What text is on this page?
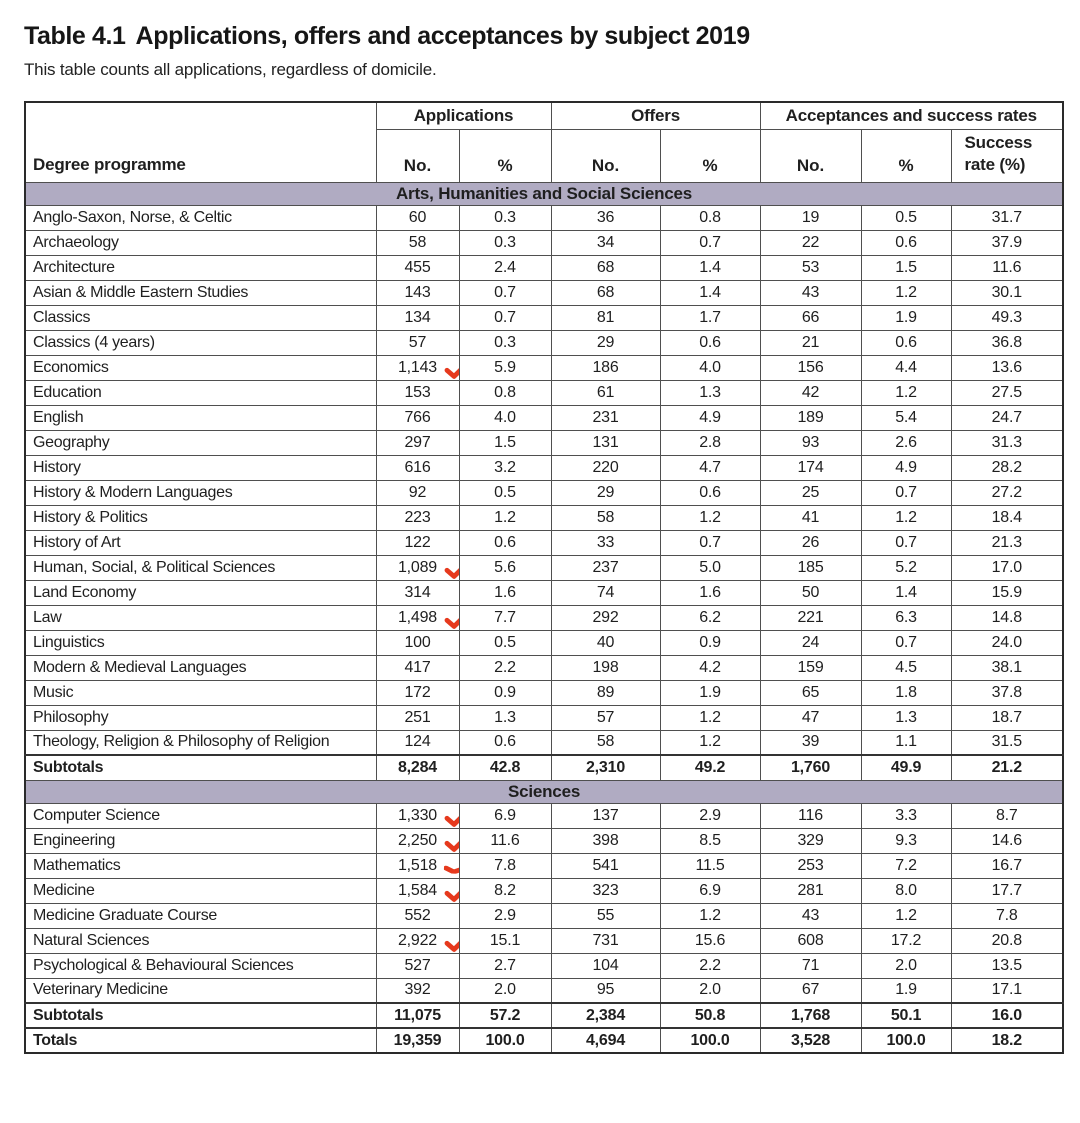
Table 4.1 Applications, offers and acceptances by subject 2019
This table counts all applications, regardless of domicile.
Degree programme	Applications		Offers		Acceptances and success rates		
	No.	%	No.	%	No.	%	Success
rate (%)

Arts, Humanities and Social Sciences							
Anglo-Saxon, Norse, & Celtic	60	0.3	36	0.8	19	0.5	31.7
Archaeology	58	0.3	34	0.7	22	0.6	37.9
Architecture	455	2.4	68	1.4	53	1.5	11.6
Asian & Middle Eastern Studies	143	0.7	68	1.4	43	1.2	30.1
Classics	134	0.7	81	1.7	66	1.9	49.3
Classics (4 years)	57	0.3	29	0.6	21	0.6	36.8
Economics	1,143	5.9	186	4.0	156	4.4	13.6
Education	153	0.8	61	1.3	42	1.2	27.5
English	766	4.0	231	4.9	189	5.4	24.7
Geography	297	1.5	131	2.8	93	2.6	31.3
History	616	3.2	220	4.7	174	4.9	28.2
History & Modern Languages	92	0.5	29	0.6	25	0.7	27.2
History & Politics	223	1.2	58	1.2	41	1.2	18.4
History of Art	122	0.6	33	0.7	26	0.7	21.3
Human, Social, & Political Sciences	1,089	5.6	237	5.0	185	5.2	17.0
Land Economy	314	1.6	74	1.6	50	1.4	15.9
Law	1,498	7.7	292	6.2	221	6.3	14.8
Linguistics	100	0.5	40	0.9	24	0.7	24.0
Modern & Medieval Languages	417	2.2	198	4.2	159	4.5	38.1
Music	172	0.9	89	1.9	65	1.8	37.8
Philosophy	251	1.3	57	1.2	47	1.3	18.7
Theology, Religion & Philosophy of Religion	124	0.6	58	1.2	39	1.1	31.5
Subtotals	8,284	42.8	2,310	49.2	1,760	49.9	21.2
Sciences							
Computer Science	1,330	6.9	137	2.9	116	3.3	8.7
Engineering	2,250	11.6	398	8.5	329	9.3	14.6
Mathematics	1,518	7.8	541	11.5	253	7.2	16.7
Medicine	1,584	8.2	323	6.9	281	8.0	17.7
Medicine Graduate Course	552	2.9	55	1.2	43	1.2	7.8
Natural Sciences	2,922	15.1	731	15.6	608	17.2	20.8
Psychological & Behavioural Sciences	527	2.7	104	2.2	71	2.0	13.5
Veterinary Medicine	392	2.0	95	2.0	67	1.9	17.1
Subtotals	11,075	57.2	2,384	50.8	1,768	50.1	16.0
Totals	19,359	100.0	4,694	100.0	3,528	100.0	18.2
